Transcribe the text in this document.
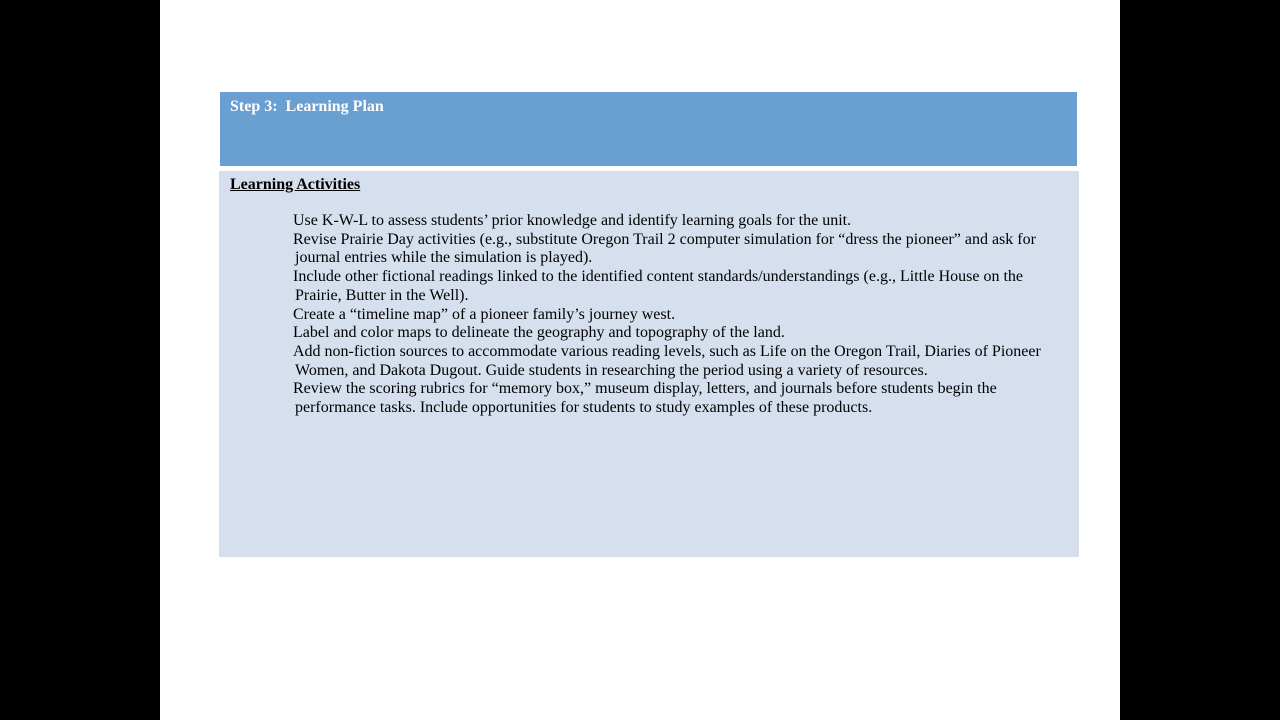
Step 3:  Learning Plan
Learning Activities
Use K-W-L to assess students’ prior knowledge and identify learning goals for the unit.
Revise Prairie Day activities (e.g., substitute Oregon Trail 2 computer simulation for “dress the pioneer” and ask for journal entries while the simulation is played).
Include other fictional readings linked to the identified content standards/understandings (e.g., Little House on the Prairie, Butter in the Well).
Create a “timeline map” of a pioneer family’s journey west.
Label and color maps to delineate the geography and topography of the land.
Add non-fiction sources to accommodate various reading levels, such as Life on the Oregon Trail, Diaries of Pioneer Women, and Dakota Dugout. Guide students in researching the period using a variety of resources.
Review the scoring rubrics for “memory box,” museum display, letters, and journals before students begin the performance tasks. Include opportunities for students to study examples of these products.
